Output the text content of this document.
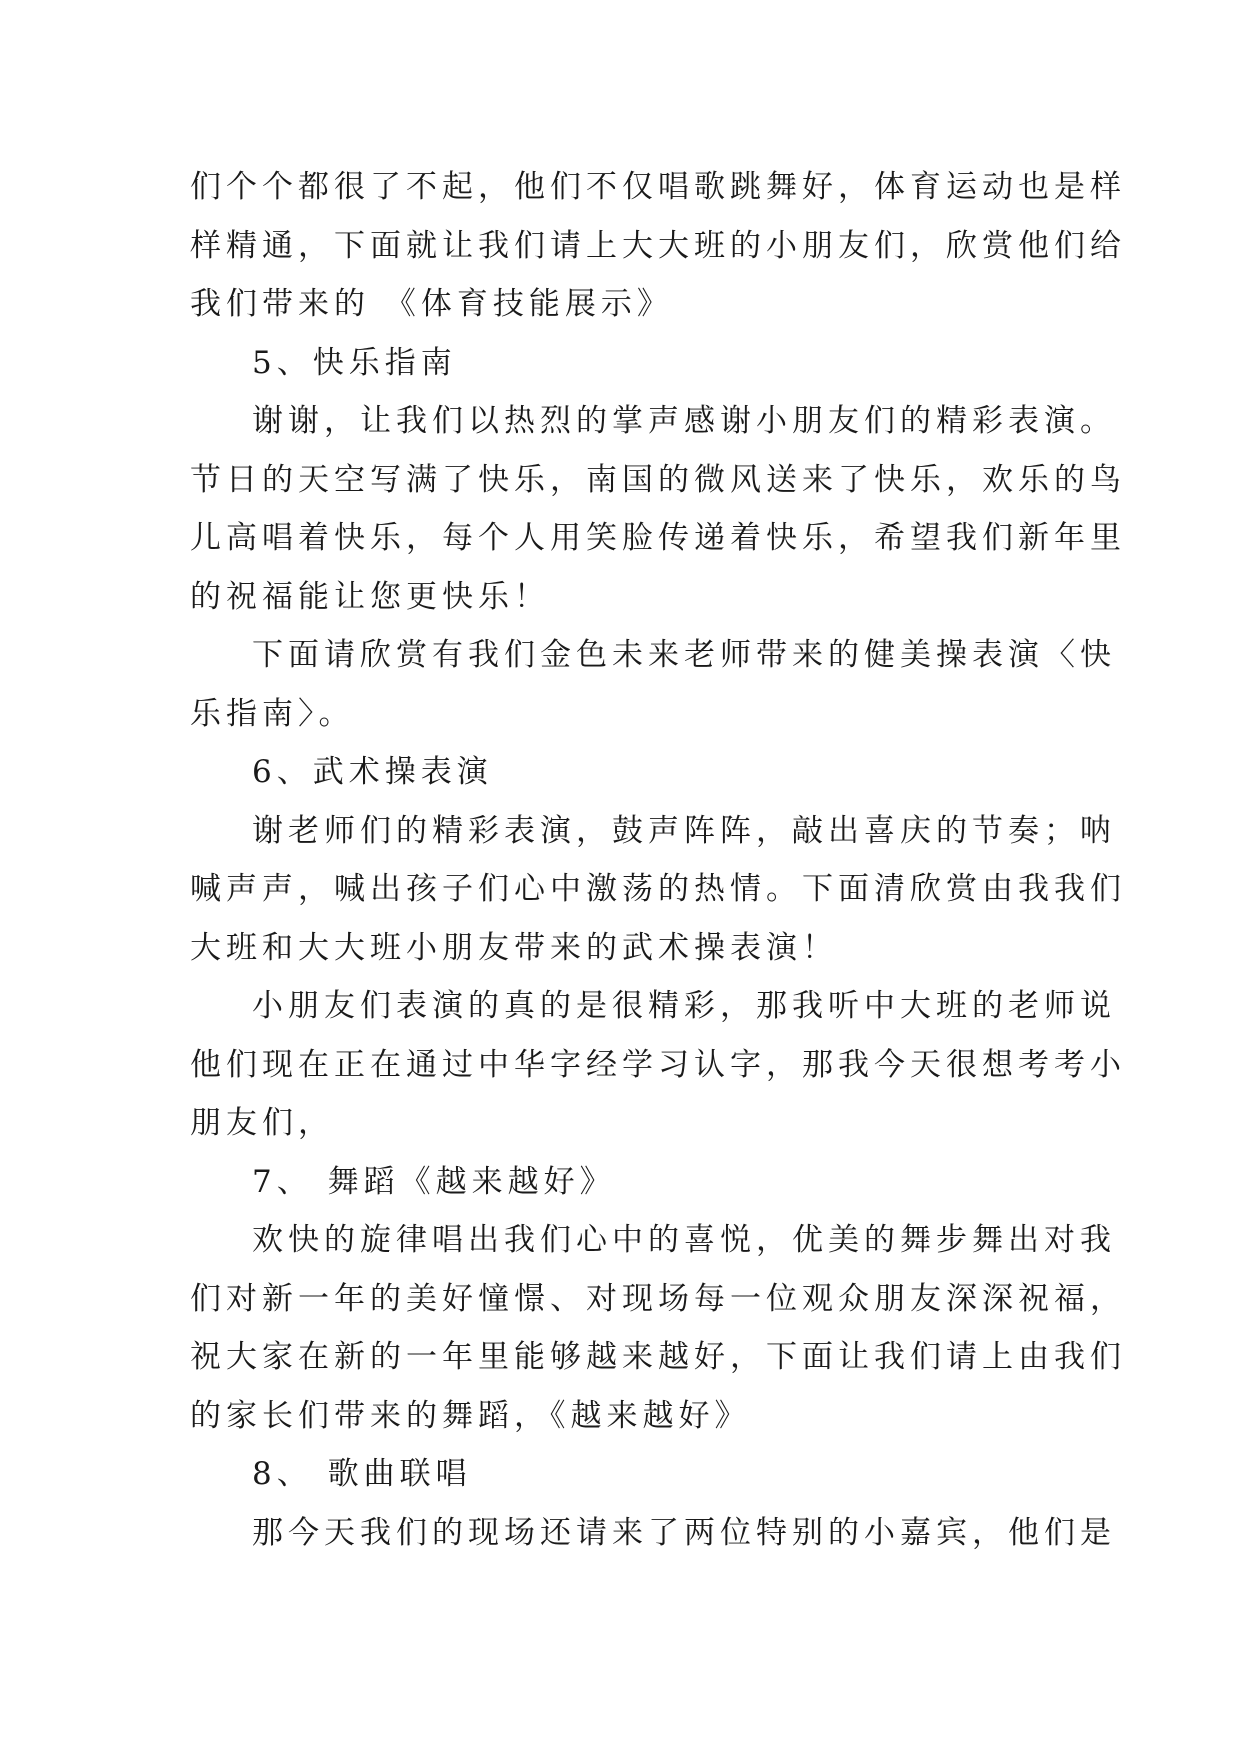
们个个都很了不起，他们不仅唱歌跳舞好，体育运动也是样
样精通，下面就让我们请上大大班的小朋友们，欣赏他们给
我们带来的 《体育技能展示》
5、快乐指南
谢谢，让我们以热烈的掌声感谢小朋友们的精彩表演。
节日的天空写满了快乐，南国的微风送来了快乐，欢乐的鸟
儿高唱着快乐，每个人用笑脸传递着快乐，希望我们新年里
的祝福能让您更快乐！
下面请欣赏有我们金色未来老师带来的健美操表演〈快
乐指南〉。
6、武术操表演
谢老师们的精彩表演，鼓声阵阵，敲出喜庆的节奏；呐
喊声声，喊出孩子们心中激荡的热情。下面清欣赏由我我们
大班和大大班小朋友带来的武术操表演！
小朋友们表演的真的是很精彩，那我听中大班的老师说
他们现在正在通过中华字经学习认字，那我今天很想考考小
朋友们，
7、 舞蹈《越来越好》
欢快的旋律唱出我们心中的喜悦，优美的舞步舞出对我
们对新一年的美好憧憬、对现场每一位观众朋友深深祝福，
祝大家在新的一年里能够越来越好，下面让我们请上由我们
的家长们带来的舞蹈，《越来越好》
8、 歌曲联唱
那今天我们的现场还请来了两位特别的小嘉宾，他们是
